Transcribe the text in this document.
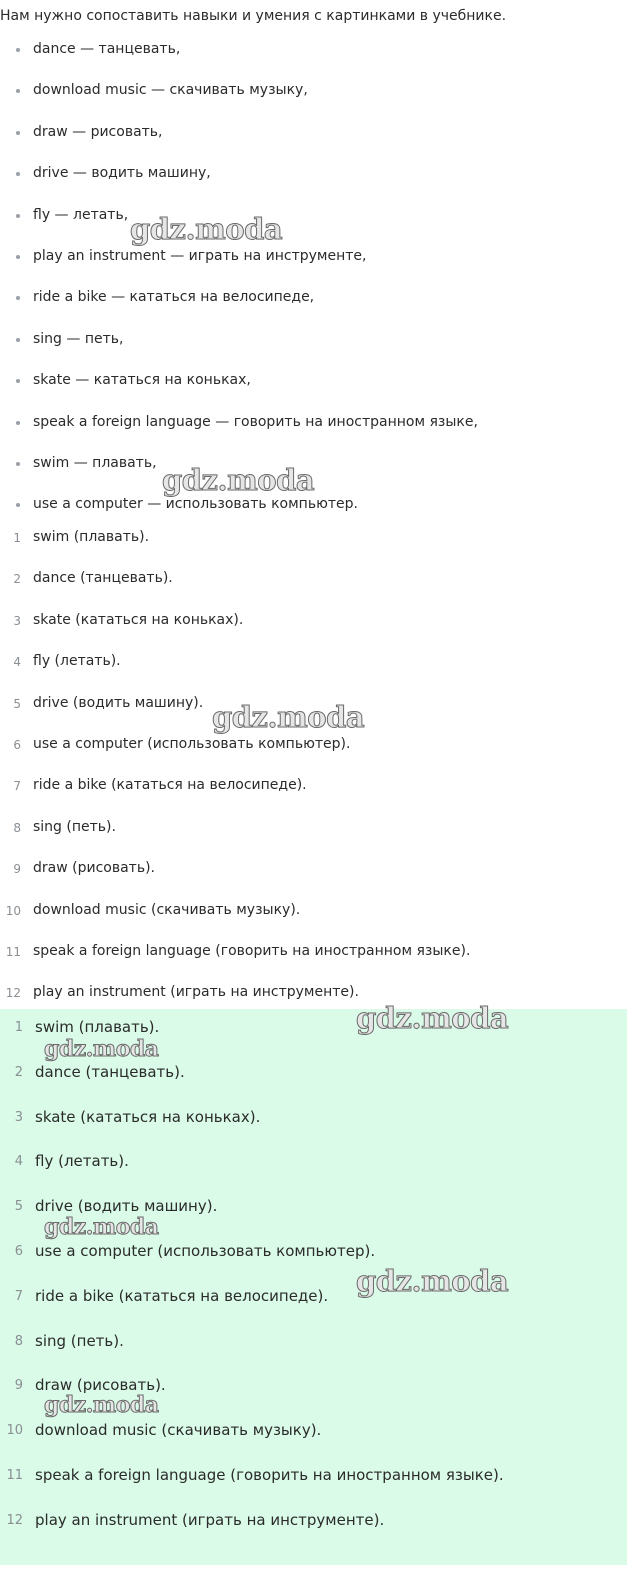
Нам нужно сопоставить навыки и умения с картинками в учебнике.
dance — танцевать,
download music — скачивать музыку,
draw — рисовать,
drive — водить машину,
fly — летать,
play an instrument — играть на инструменте,
ride a bike — кататься на велосипеде,
sing — петь,
skate — кататься на коньках,
speak a foreign language — говорить на иностранном языке,
swim — плавать,
use a computer — использовать компьютер.
1 swim (плавать).
2 dance (танцевать).
3 skate (кататься на коньках).
4 fly (летать).
5 drive (водить машину).
6 use a computer (использовать компьютер).
7 ride a bike (кататься на велосипеде).
8 sing (петь).
9 draw (рисовать).
10 download music (скачивать музыку).
11 speak a foreign language (говорить на иностранном языке).
12 play an instrument (играть на инструменте).
1 swim (плавать).
2 dance (танцевать).
3 skate (кататься на коньках).
4 fly (летать).
5 drive (водить машину).
6 use a computer (использовать компьютер).
7 ride a bike (кататься на велосипеде).
8 sing (петь).
9 draw (рисовать).
10 download music (скачивать музыку).
11 speak a foreign language (говорить на иностранном языке).
12 play an instrument (играть на инструменте).
gdz.moda
gdz.moda
gdz.moda
gdz.moda
gdz.moda
gdz.moda
gdz.moda
gdz.moda
